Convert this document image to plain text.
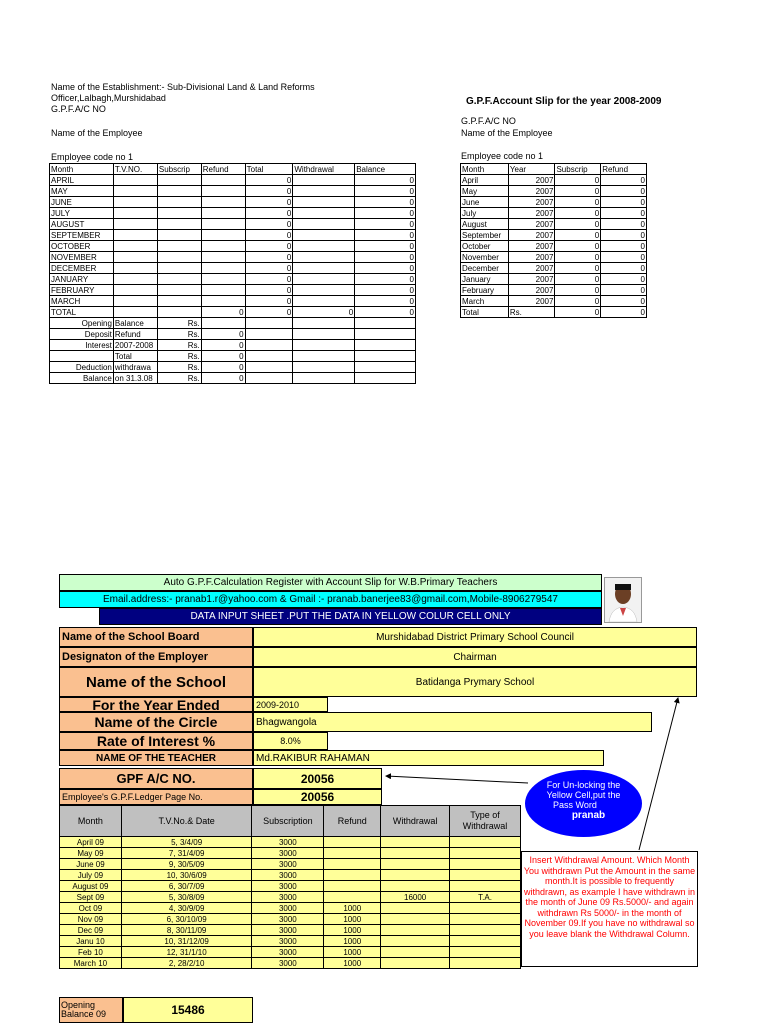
Name of the Establishment:- Sub-Divisional Land & Land Reforms
Officer,Lalbagh,Murshidabad
G.P.F.A/C NO
Name of the Employee
Employee code no 1
Month	T.V.NO.	Subscrip	Refund	Total	Withdrawal	Balance
APRIL				0		0
MAY				0		0
JUNE				0		0
JULY				0		0
AUGUST				0		0
SEPTEMBER				0		0
OCTOBER				0		0
NOVEMBER				0		0
DECEMBER				0		0
JANUARY				0		0
FEBRUARY				0		0
MARCH				0		0
TOTAL			0	0	0	0
Opening	Balance	Rs.				
Deposit	Refund	Rs.	0			
Interest	2007-2008	Rs.	0			
	Total	Rs.	0			
Deduction	withdrawa	Rs.	0			
Balance	on 31.3.08	Rs.	0			
G.P.F.Account Slip for the year 2008-2009
G.P.F.A/C NO
Name of the Employee
Employee code no 1
Month	Year	Subscrip	Refund
April	2007	0	0
May	2007	0	0
June	2007	0	0
July	2007	0	0
August	2007	0	0
September	2007	0	0
October	2007	0	0
November	2007	0	0
December	2007	0	0
January	2007	0	0
February	2007	0	0
March	2007	0	0
Total	Rs.	0	0
Auto G.P.F.Calculation Register with Account Slip for W.B.Primary Teachers
Email.address:- pranab1.r@yahoo.com & Gmail :- pranab.banerjee83@gmail.com,Mobile-8906279547
DATA INPUT SHEET .PUT THE DATA IN YELLOW COLUR CELL ONLY
Name of the School Board	Murshidabad District Primary School Council
Designaton of the Employer	Chairman
Name of the School	Batidanga Prymary School
For the Year Ended	2009-2010
Name of the Circle	Bhagwangola
Rate of Interest %	8.0%
NAME OF THE TEACHER	Md.RAKIBUR RAHAMAN
GPF A/C NO.	20056
Employee's G.P.F.Ledger Page No.	20056
For Un-locking the
Yellow Cell,put the
Pass Word
pranab
Insert Withdrawal Amount. Which Month You withdrawn Put the Amount in the same month.It is possible to frequently withdrawn, as example I have withdrawn in the month of June 09 Rs.5000/- and again withdrawn Rs 5000/- in the month of November 09.If you have no withdrawal so you leave blank the Withdrawal Column.
Month	T.V.No.& Date	Subscription	Refund	Withdrawal	Type of Withdrawal
April 09	5, 3/4/09	3000			
May 09	7, 31/4/09	3000			
June 09	9, 30/5/09	3000			
July 09	10, 30/6/09	3000			
August 09	6, 30/7/09	3000			
Sept 09	5, 30/8/09	3000		16000	T.A.
Oct 09	4, 30/9/09	3000	1000		
Nov 09	6, 30/10/09	3000	1000		
Dec 09	8, 30/11/09	3000	1000		
Janu 10	10, 31/12/09	3000	1000		
Feb 10	12, 31/1/10	3000	1000		
March 10	2, 28/2/10	3000	1000		
Opening Balance 09	15486
